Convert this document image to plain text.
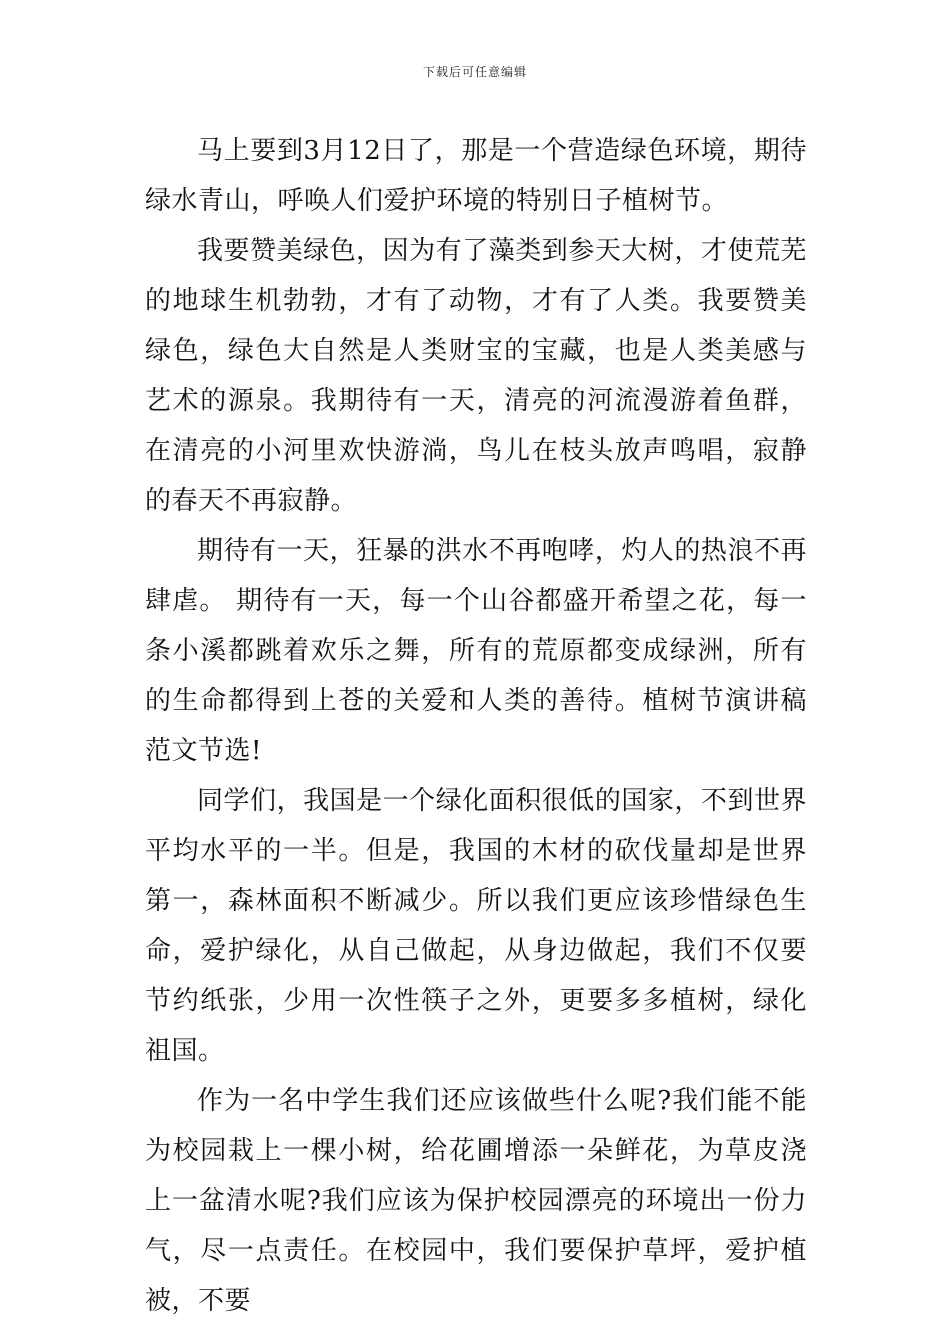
下载后可任意编辑

马上要到3月12日了，那是一个营造绿色环境，期待绿水青山，呼唤人们爱护环境的特别日子植树节。

我要赞美绿色，因为有了藻类到参天大树，才使荒芜的地球生机勃勃，才有了动物，才有了人类。我要赞美绿色，绿色大自然是人类财宝的宝藏，也是人类美感与艺术的源泉。我期待有一天，清亮的河流漫游着鱼群，在清亮的小河里欢快游淌，鸟儿在枝头放声鸣唱，寂静的春天不再寂静。

期待有一天，狂暴的洪水不再咆哮，灼人的热浪不再肆虐。 期待有一天，每一个山谷都盛开希望之花，每一条小溪都跳着欢乐之舞，所有的荒原都变成绿洲，所有的生命都得到上苍的关爱和人类的善待。植树节演讲稿范文节选!

同学们，我国是一个绿化面积很低的国家，不到世界平均水平的一半。但是，我国的木材的砍伐量却是世界第一，森林面积不断减少。所以我们更应该珍惜绿色生命，爱护绿化，从自己做起，从身边做起，我们不仅要节约纸张，少用一次性筷子之外，更要多多植树，绿化祖国。

作为一名中学生我们还应该做些什么呢?我们能不能为校园栽上一棵小树，给花圃增添一朵鲜花，为草皮浇上一盆清水呢?我们应该为保护校园漂亮的环境出一份力气，尽一点责任。在校园中，我们要保护草坪，爱护植被，不要
